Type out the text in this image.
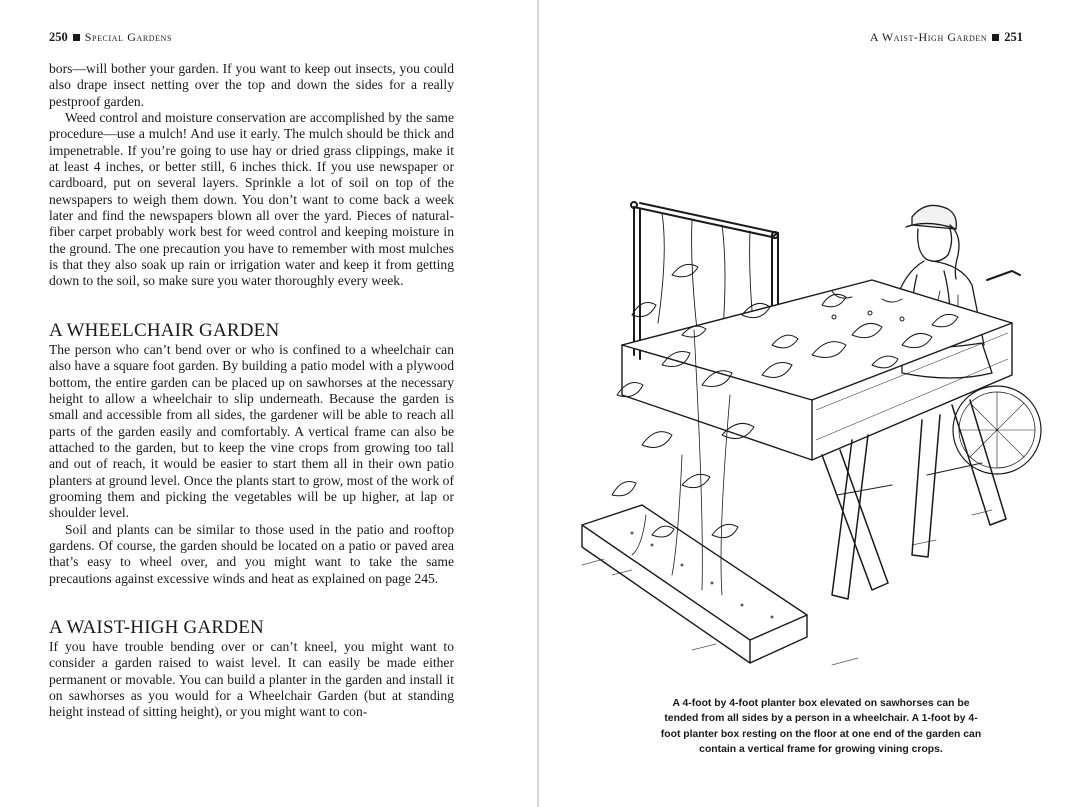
250 Special Gardens

bors—will bother your garden. If you want to keep out insects, you could also drape insect netting over the top and down the sides for a really pestproof garden.

Weed control and moisture conservation are accomplished by the same procedure—use a mulch! And use it early. The mulch should be thick and impenetrable. If you’re going to use hay or dried grass clippings, make it at least 4 inches, or better still, 6 inches thick. If you use newspaper or cardboard, put on several layers. Sprinkle a lot of soil on top of the newspapers to weigh them down. You don’t want to come back a week later and find the newspapers blown all over the yard. Pieces of natural-fiber carpet probably work best for weed control and keeping moisture in the ground. The one precaution you have to remember with most mulches is that they also soak up rain or irrigation water and keep it from getting down to the soil, so make sure you water thoroughly every week.

A WHEELCHAIR GARDEN

The person who can’t bend over or who is confined to a wheelchair can also have a square foot garden. By building a patio model with a plywood bottom, the entire garden can be placed up on sawhorses at the necessary height to allow a wheelchair to slip underneath. Because the garden is small and accessible from all sides, the gardener will be able to reach all parts of the garden easily and comfortably. A vertical frame can also be attached to the garden, but to keep the vine crops from growing too tall and out of reach, it would be easier to start them all in their own patio planters at ground level. Once the plants start to grow, most of the work of grooming them and picking the vegetables will be up higher, at lap or shoulder level.

Soil and plants can be similar to those used in the patio and rooftop gardens. Of course, the garden should be located on a patio or paved area that’s easy to wheel over, and you might want to take the same precautions against excessive winds and heat as explained on page 245.

A WAIST-HIGH GARDEN

If you have trouble bending over or can’t kneel, you might want to consider a garden raised to waist level. It can easily be made either permanent or movable. You can build a planter in the garden and install it on sawhorses as you would for a Wheelchair Garden (but at standing height instead of sitting height), or you might want to con-

A Waist-High Garden 251
A 4-foot by 4-foot planter box elevated on sawhorses can be tended from all sides by a person in a wheelchair. A 1-foot by 4-foot planter box resting on the floor at one end of the garden can contain a vertical frame for growing vining crops.
